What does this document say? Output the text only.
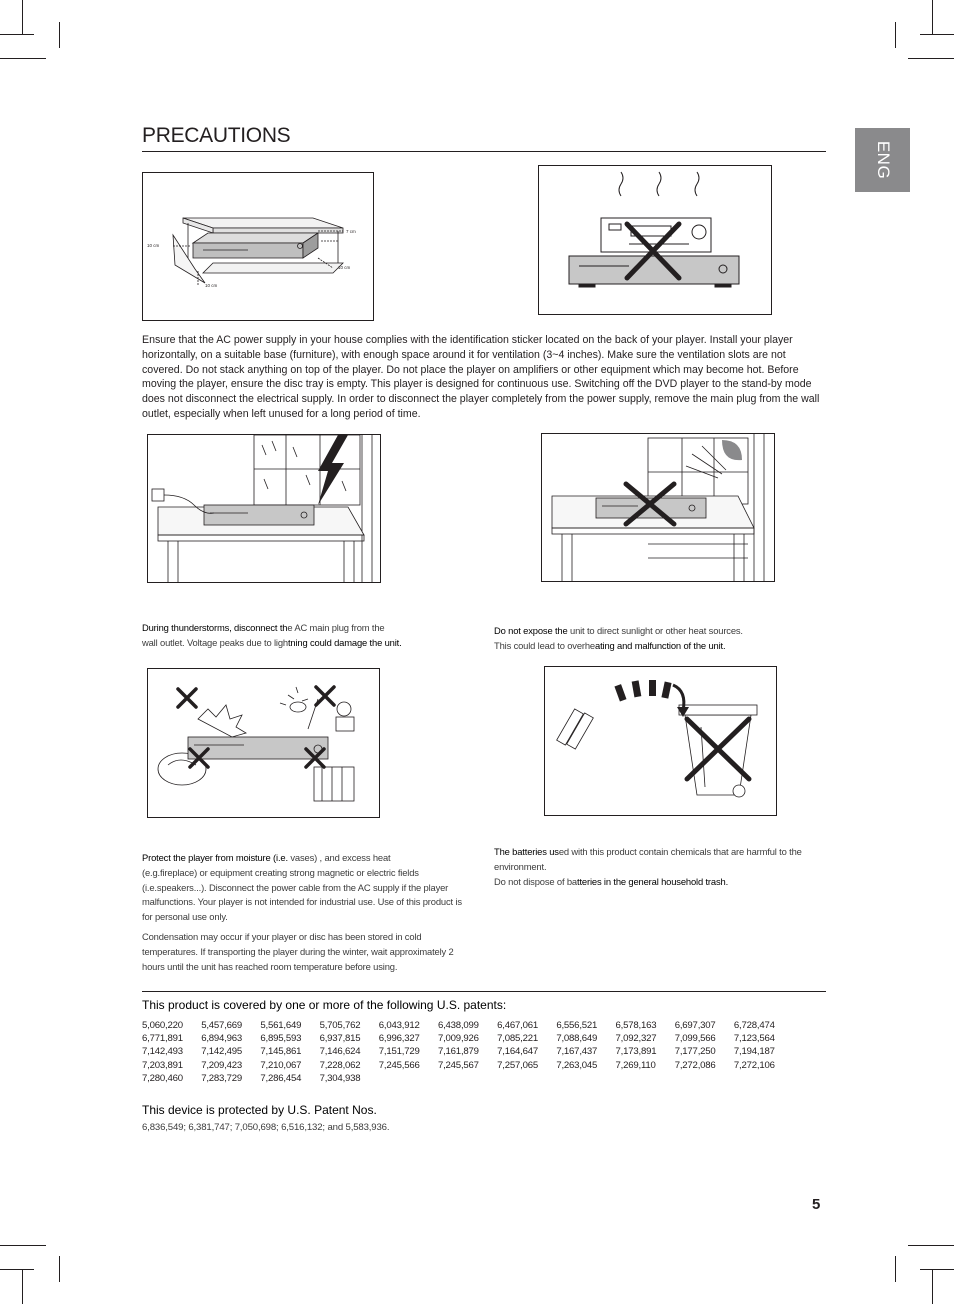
PRECAUTIONS
ENG
7 cm
10 cm
10 cm
10 cm
Ensure that the AC power supply in your house complies with the identification sticker located on the back of your player. Install your player horizontally, on a suitable base (furniture), with enough space around it for ventilation (3~4 inches). Make sure the ventilation slots are not covered. Do not stack anything on top of the player. Do not place the player on amplifiers or other equipment which may become hot. Before moving the player, ensure the disc tray is empty. This player is designed for continuous use. Switching off the DVD player to the stand-by mode does not disconnect the electrical supply. In order to disconnect the player completely from the power supply, remove the main plug from the wall outlet, especially when left unused for a long period of time.
During thunderstorms, disconnect the AC main plug from the
wall outlet. Voltage peaks due to lightning could damage the unit.
Do not expose the unit to direct sunlight or other heat sources.
This could lead to overheating and malfunction of the unit.

Protect the player from moisture (i.e. vases) , and excess heat
(e.g.fireplace) or equipment creating strong magnetic or electric fields (i.e.speakers...). Disconnect the power cable from the AC supply if the player malfunctions. Your player is not intended for industrial use. Use of this product is for personal use only.

Condensation may occur if your player or disc has been stored in cold temperatures. If transporting the player during the winter, wait approximately 2 hours until the unit has reached room temperature before using.

The batteries used with this product contain chemicals that are harmful to the environment.
Do not dispose of batteries in the general household trash.
This product is covered by one or more of the following U.S. patents:
5,060,220	5,457,669	5,561,649	5,705,762	6,043,912	6,438,099	6,467,061	6,556,521	6,578,163	6,697,307	6,728,474
6,771,891	6,894,963	6,895,593	6,937,815	6,996,327	7,009,926	7,085,221	7,088,649	7,092,327	7,099,566	7,123,564
7,142,493	7,142,495	7,145,861	7,146,624	7,151,729	7,161,879	7,164,647	7,167,437	7,173,891	7,177,250	7,194,187
7,203,891	7,209,423	7,210,067	7,228,062	7,245,566	7,245,567	7,257,065	7,263,045	7,269,110	7,272,086	7,272,106
7,280,460	7,283,729	7,286,454	7,304,938
This device is protected by U.S. Patent Nos.
6,836,549; 6,381,747; 7,050,698; 6,516,132; and 5,583,936.
5
